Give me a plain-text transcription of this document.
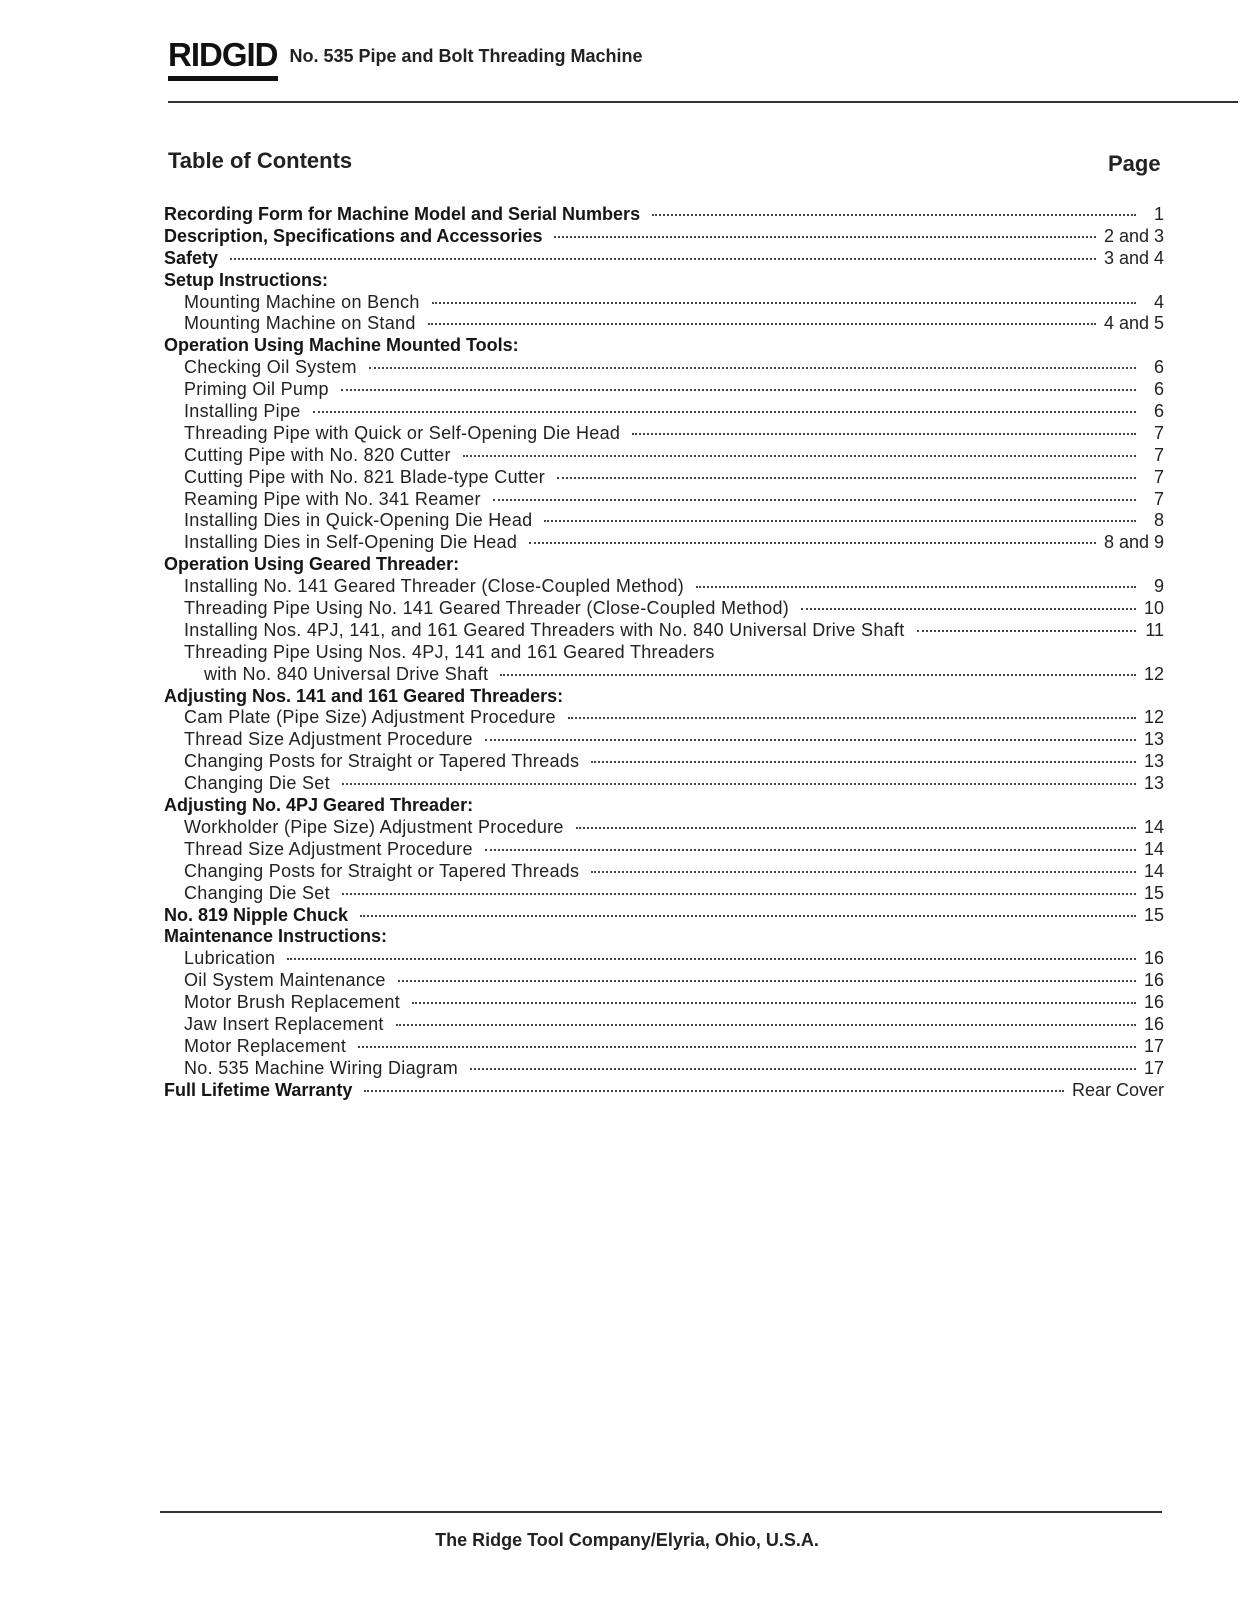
RIDGID No. 535 Pipe and Bolt Threading Machine
Table of Contents	Page
Recording Form for Machine Model and Serial Numbers	1
Description, Specifications and Accessories	2 and 3
Safety	3 and 4
Setup Instructions:
Mounting Machine on Bench	4
Mounting Machine on Stand	4 and 5
Operation Using Machine Mounted Tools:
Checking Oil System	6
Priming Oil Pump	6
Installing Pipe	6
Threading Pipe with Quick or Self-Opening Die Head	7
Cutting Pipe with No. 820 Cutter	7
Cutting Pipe with No. 821 Blade-type Cutter	7
Reaming Pipe with No. 341 Reamer	7
Installing Dies in Quick-Opening Die Head	8
Installing Dies in Self-Opening Die Head	8 and 9
Operation Using Geared Threader:
Installing No. 141 Geared Threader (Close-Coupled Method)	9
Threading Pipe Using No. 141 Geared Threader (Close-Coupled Method)	10
Installing Nos. 4PJ, 141, and 161 Geared Threaders with No. 840 Universal Drive Shaft	11
Threading Pipe Using Nos. 4PJ, 141 and 161 Geared Threaders
with No. 840 Universal Drive Shaft	12
Adjusting Nos. 141 and 161 Geared Threaders:
Cam Plate (Pipe Size) Adjustment Procedure	12
Thread Size Adjustment Procedure	13
Changing Posts for Straight or Tapered Threads	13
Changing Die Set	13
Adjusting No. 4PJ Geared Threader:
Workholder (Pipe Size) Adjustment Procedure	14
Thread Size Adjustment Procedure	14
Changing Posts for Straight or Tapered Threads	14
Changing Die Set	15
No. 819 Nipple Chuck	15
Maintenance Instructions:
Lubrication	16
Oil System Maintenance	16
Motor Brush Replacement	16
Jaw Insert Replacement	16
Motor Replacement	17
No. 535 Machine Wiring Diagram	17
Full Lifetime Warranty	Rear Cover
The Ridge Tool Company/Elyria, Ohio, U.S.A.
